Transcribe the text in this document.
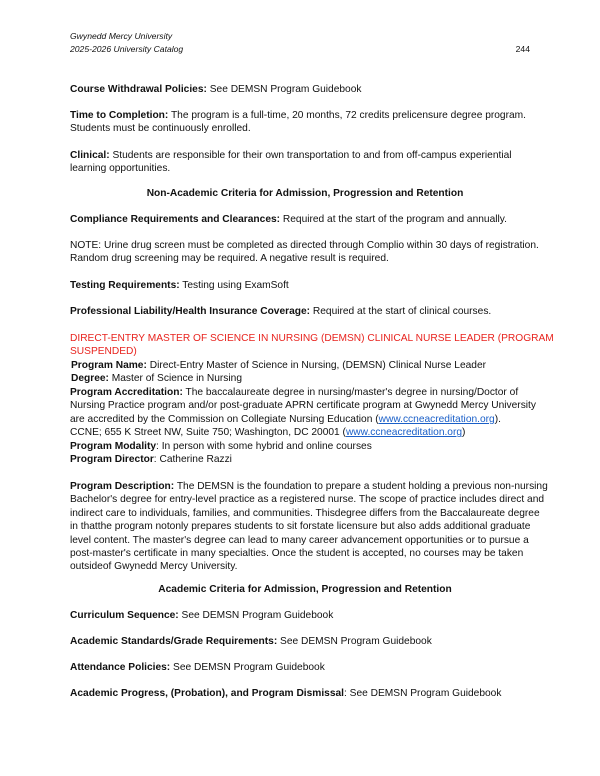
Gwynedd Mercy University
2025-2026 University Catalog	244
Course Withdrawal Policies: See DEMSN Program Guidebook
Time to Completion: The program is a full-time, 20 months, 72 credits prelicensure degree program.
Students must be continuously enrolled.
Clinical: Students are responsible for their own transportation to and from off-campus experiential
learning opportunities.
Non-Academic Criteria for Admission, Progression and Retention
Compliance Requirements and Clearances: Required at the start of the program and annually.
NOTE: Urine drug screen must be completed as directed through Complio within 30 days of registration.
Random drug screening may be required. A negative result is required.
Testing Requirements: Testing using ExamSoft
Professional Liability/Health Insurance Coverage: Required at the start of clinical courses.
DIRECT-ENTRY MASTER OF SCIENCE IN NURSING (DEMSN) CLINICAL NURSE LEADER (PROGRAM
SUSPENDED)
Program Name: Direct-Entry Master of Science in Nursing, (DEMSN) Clinical Nurse Leader
Degree: Master of Science in Nursing
Program Accreditation: The baccalaureate degree in nursing/master's degree in nursing/Doctor of
Nursing Practice program and/or post-graduate APRN certificate program at Gwynedd Mercy University
are accredited by the Commission on Collegiate Nursing Education (www.ccneacreditation.org).
CCNE; 655 K Street NW, Suite 750; Washington, DC 20001 (www.ccneacreditation.org)
Program Modality: In person with some hybrid and online courses
Program Director: Catherine Razzi
Program Description: The DEMSN is the foundation to prepare a student holding a previous non-nursing
Bachelor's degree for entry-level practice as a registered nurse. The scope of practice includes direct and
indirect care to individuals, families, and communities. Thisdegree differs from the Baccalaureate degree
in thatthe program notonly prepares students to sit forstate licensure but also adds additional graduate
level content. The master's degree can lead to many career advancement opportunities or to pursue a
post-master's certificate in many specialties. Once the student is accepted, no courses may be taken
outsideof Gwynedd Mercy University.
Academic Criteria for Admission, Progression and Retention
Curriculum Sequence: See DEMSN Program Guidebook
Academic Standards/Grade Requirements: See DEMSN Program Guidebook
Attendance Policies: See DEMSN Program Guidebook
Academic Progress, (Probation), and Program Dismissal: See DEMSN Program Guidebook
